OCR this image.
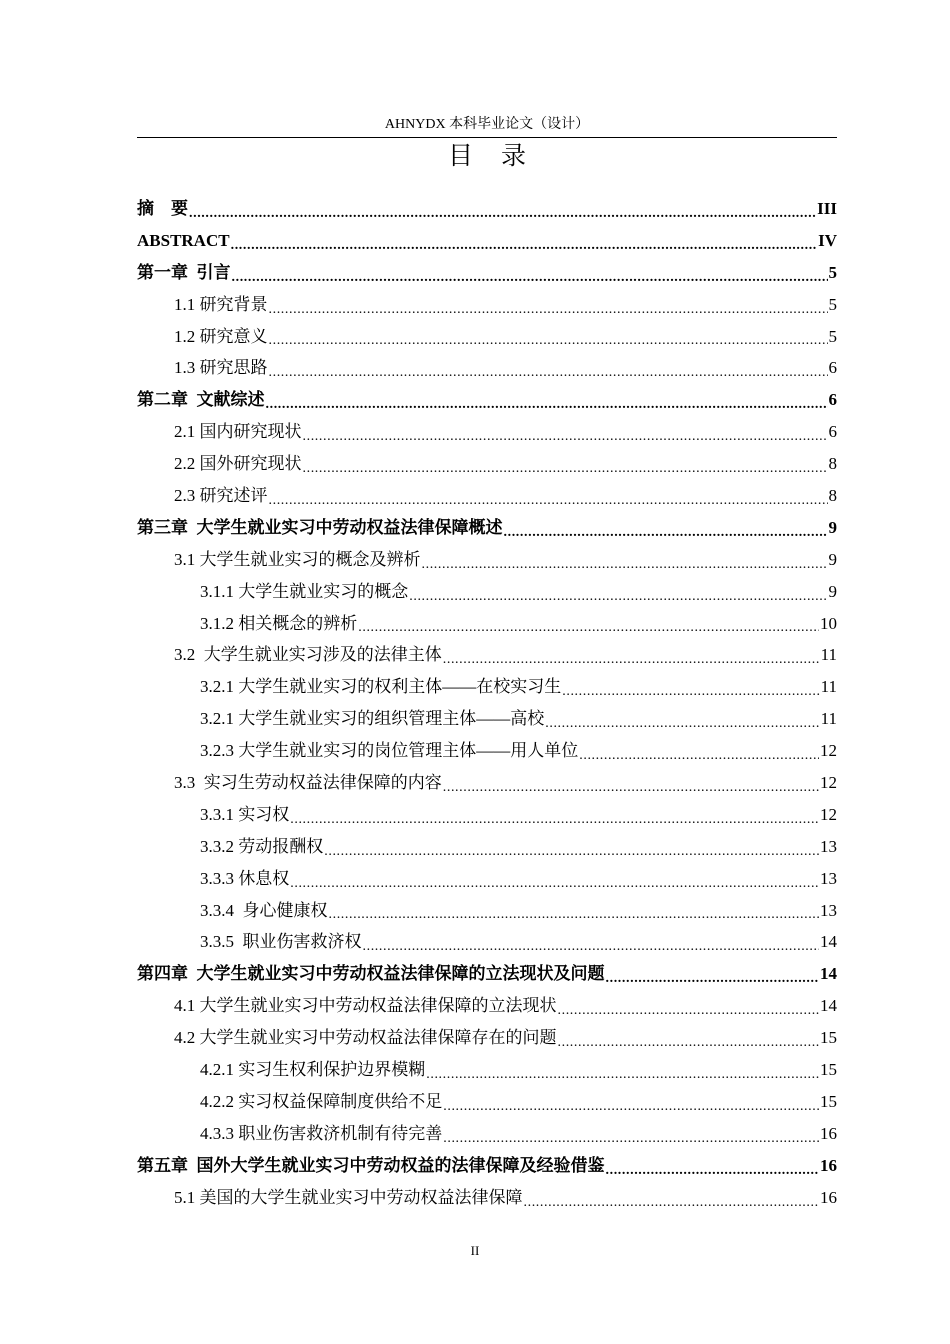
AHNYDX 本科毕业论文（设计）
目录
摘　要 .....	III
ABSTRACT .....	IV
第一章  引言 .....	5
1.1 研究背景 .....	5
1.2 研究意义 .....	5
1.3 研究思路 .....	6
第二章  文献综述 .....	6
2.1 国内研究现状 .....	6
2.2 国外研究现状 .....	8
2.3 研究述评 .....	8
第三章  大学生就业实习中劳动权益法律保障概述 .....	9
3.1 大学生就业实习的概念及辨析 .....	9
3.1.1 大学生就业实习的概念 .....	9
3.1.2 相关概念的辨析 .....	10
3.2  大学生就业实习涉及的法律主体 .....	11
3.2.1 大学生就业实习的权利主体——在校实习生 .....	11
3.2.1 大学生就业实习的组织管理主体——高校 .....	11
3.2.3 大学生就业实习的岗位管理主体——用人单位 .....	12
3.3  实习生劳动权益法律保障的内容 .....	12
3.3.1 实习权 .....	12
3.3.2 劳动报酬权 .....	13
3.3.3 休息权 .....	13
3.3.4  身心健康权 .....	13
3.3.5  职业伤害救济权 .....	14
第四章  大学生就业实习中劳动权益法律保障的立法现状及问题 .....	14
4.1 大学生就业实习中劳动权益法律保障的立法现状 .....	14
4.2 大学生就业实习中劳动权益法律保障存在的问题 .....	15
4.2.1 实习生权利保护边界模糊 .....	15
4.2.2 实习权益保障制度供给不足 .....	15
4.3.3 职业伤害救济机制有待完善 .....	16
第五章  国外大学生就业实习中劳动权益的法律保障及经验借鉴 .....	16
5.1 美国的大学生就业实习中劳动权益法律保障 .....	16
II
